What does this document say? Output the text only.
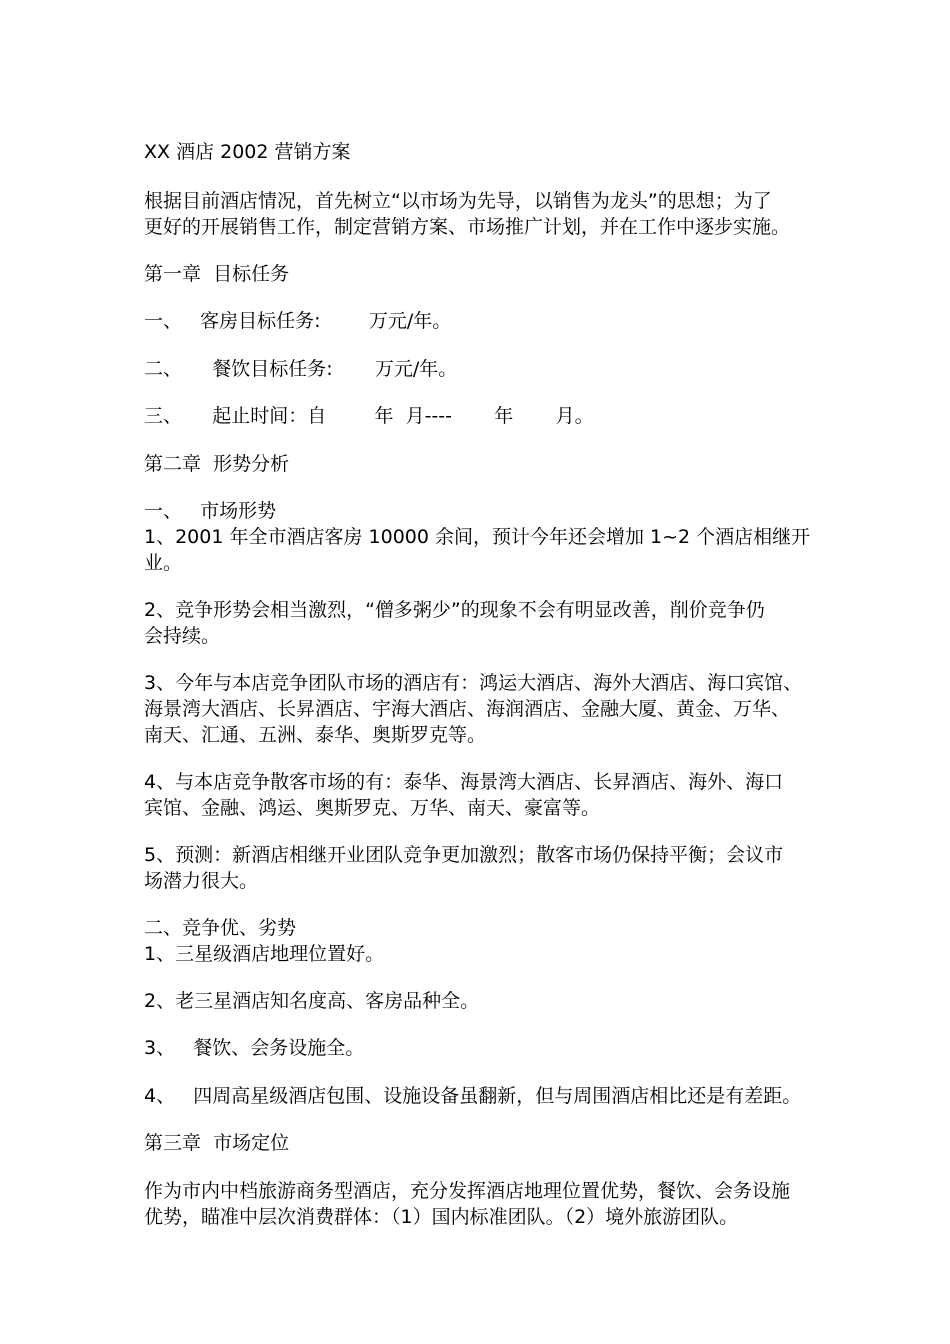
XX 酒店 2002 营销方案

根据目前酒店情况，首先树立“以市场为先导，以销售为龙头”的思想；为了

更好的开展销售工作，制定营销方案、市场推广计划，并在工作中逐步实施。

第一章  目标任务

一、   客房目标任务:        万元/年。

二、     餐饮目标任务:       万元/年。

三、     起止时间：自        年  月----       年       月。

第二章  形势分析

一、   市场形势

1、2001 年全市酒店客房 10000 余间，预计今年还会增加 1~2 个酒店相继开

业。

2、竞争形势会相当激烈，“僧多粥少”的现象不会有明显改善，削价竞争仍

会持续。

3、今年与本店竞争团队市场的酒店有：鸿运大酒店、海外大酒店、海口宾馆、

海景湾大酒店、长昇酒店、宇海大酒店、海润酒店、金融大厦、黄金、万华、

南天、汇通、五洲、泰华、奥斯罗克等。

4、与本店竞争散客市场的有：泰华、海景湾大酒店、长昇酒店、海外、海口

宾馆、金融、鸿运、奥斯罗克、万华、南天、豪富等。

5、预测：新酒店相继开业团队竞争更加激烈；散客市场仍保持平衡；会议市

场潜力很大。

二、竞争优、劣势

1、三星级酒店地理位置好。

2、老三星酒店知名度高、客房品种全。

3、   餐饮、会务设施全。

4、   四周高星级酒店包围、设施设备虽翻新，但与周围酒店相比还是有差距。

第三章  市场定位

作为市内中档旅游商务型酒店，充分发挥酒店地理位置优势，餐饮、会务设施

优势，瞄准中层次消费群体：（1）国内标准团队。（2）境外旅游团队。
